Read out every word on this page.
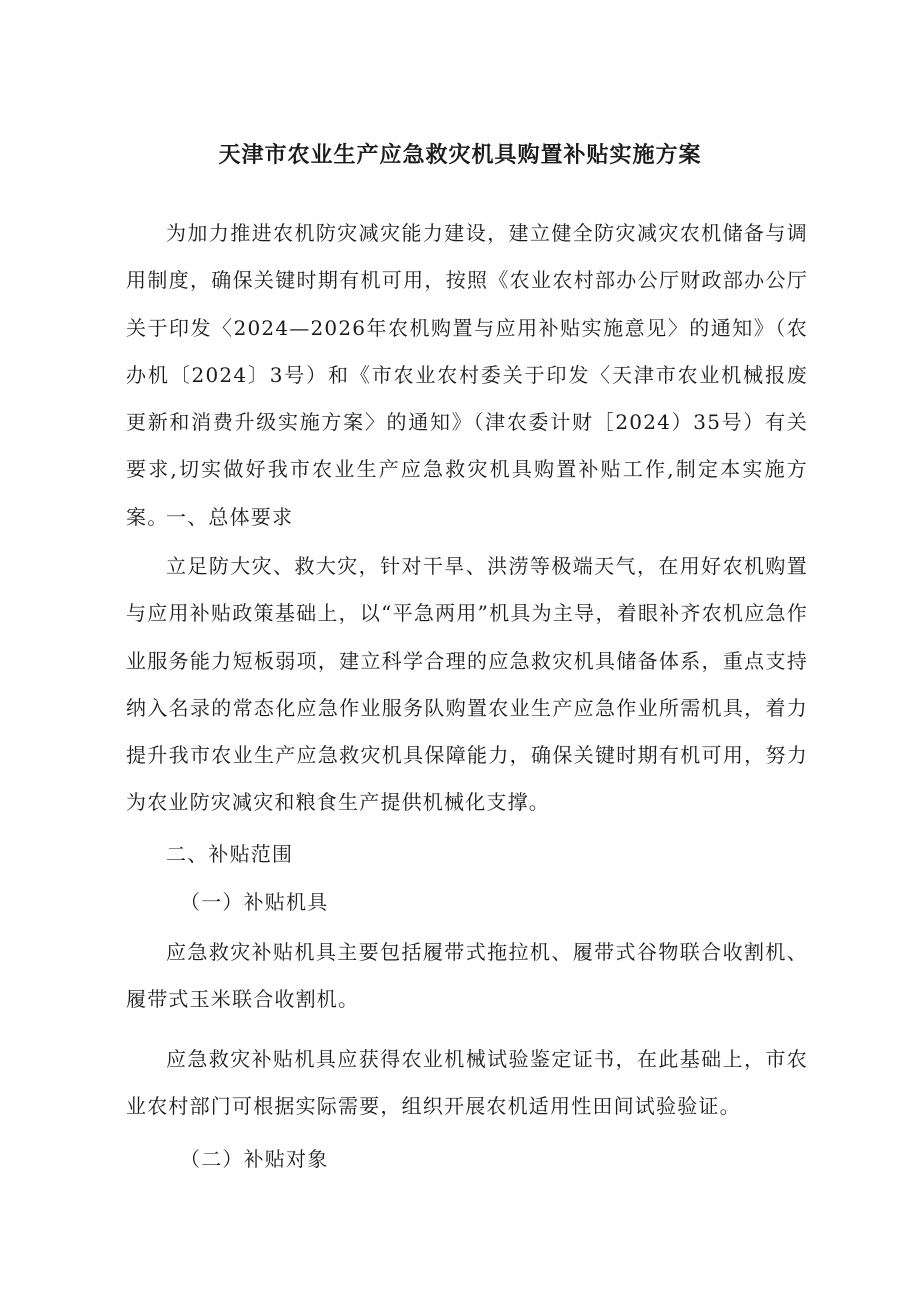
天津市农业生产应急救灾机具购置补贴实施方案

为加力推进农机防灾减灾能力建设，建立健全防灾减灾农机储备与调用制度，确保关键时期有机可用，按照《农业农村部办公厅财政部办公厅关于印发〈2024—2026年农机购置与应用补贴实施意见〉的通知》（农办机〔2024〕3号）和《市农业农村委关于印发〈天津市农业机械报废更新和消费升级实施方案〉的通知》（津农委计财［2024）35号）有关要求,切实做好我市农业生产应急救灾机具购置补贴工作,制定本实施方案。

一、总体要求

立足防大灾、救大灾，针对干旱、洪涝等极端天气，在用好农机购置与应用补贴政策基础上，以“平急两用”机具为主导，着眼补齐农机应急作业服务能力短板弱项，建立科学合理的应急救灾机具储备体系，重点支持纳入名录的常态化应急作业服务队购置农业生产应急作业所需机具，着力提升我市农业生产应急救灾机具保障能力，确保关键时期有机可用，努力为农业防灾减灾和粮食生产提供机械化支撑。

二、补贴范围

（一）补贴机具

应急救灾补贴机具主要包括履带式拖拉机、履带式谷物联合收割机、履带式玉米联合收割机。

应急救灾补贴机具应获得农业机械试验鉴定证书，在此基础上，市农业农村部门可根据实际需要，组织开展农机适用性田间试验验证。

（二）补贴对象
